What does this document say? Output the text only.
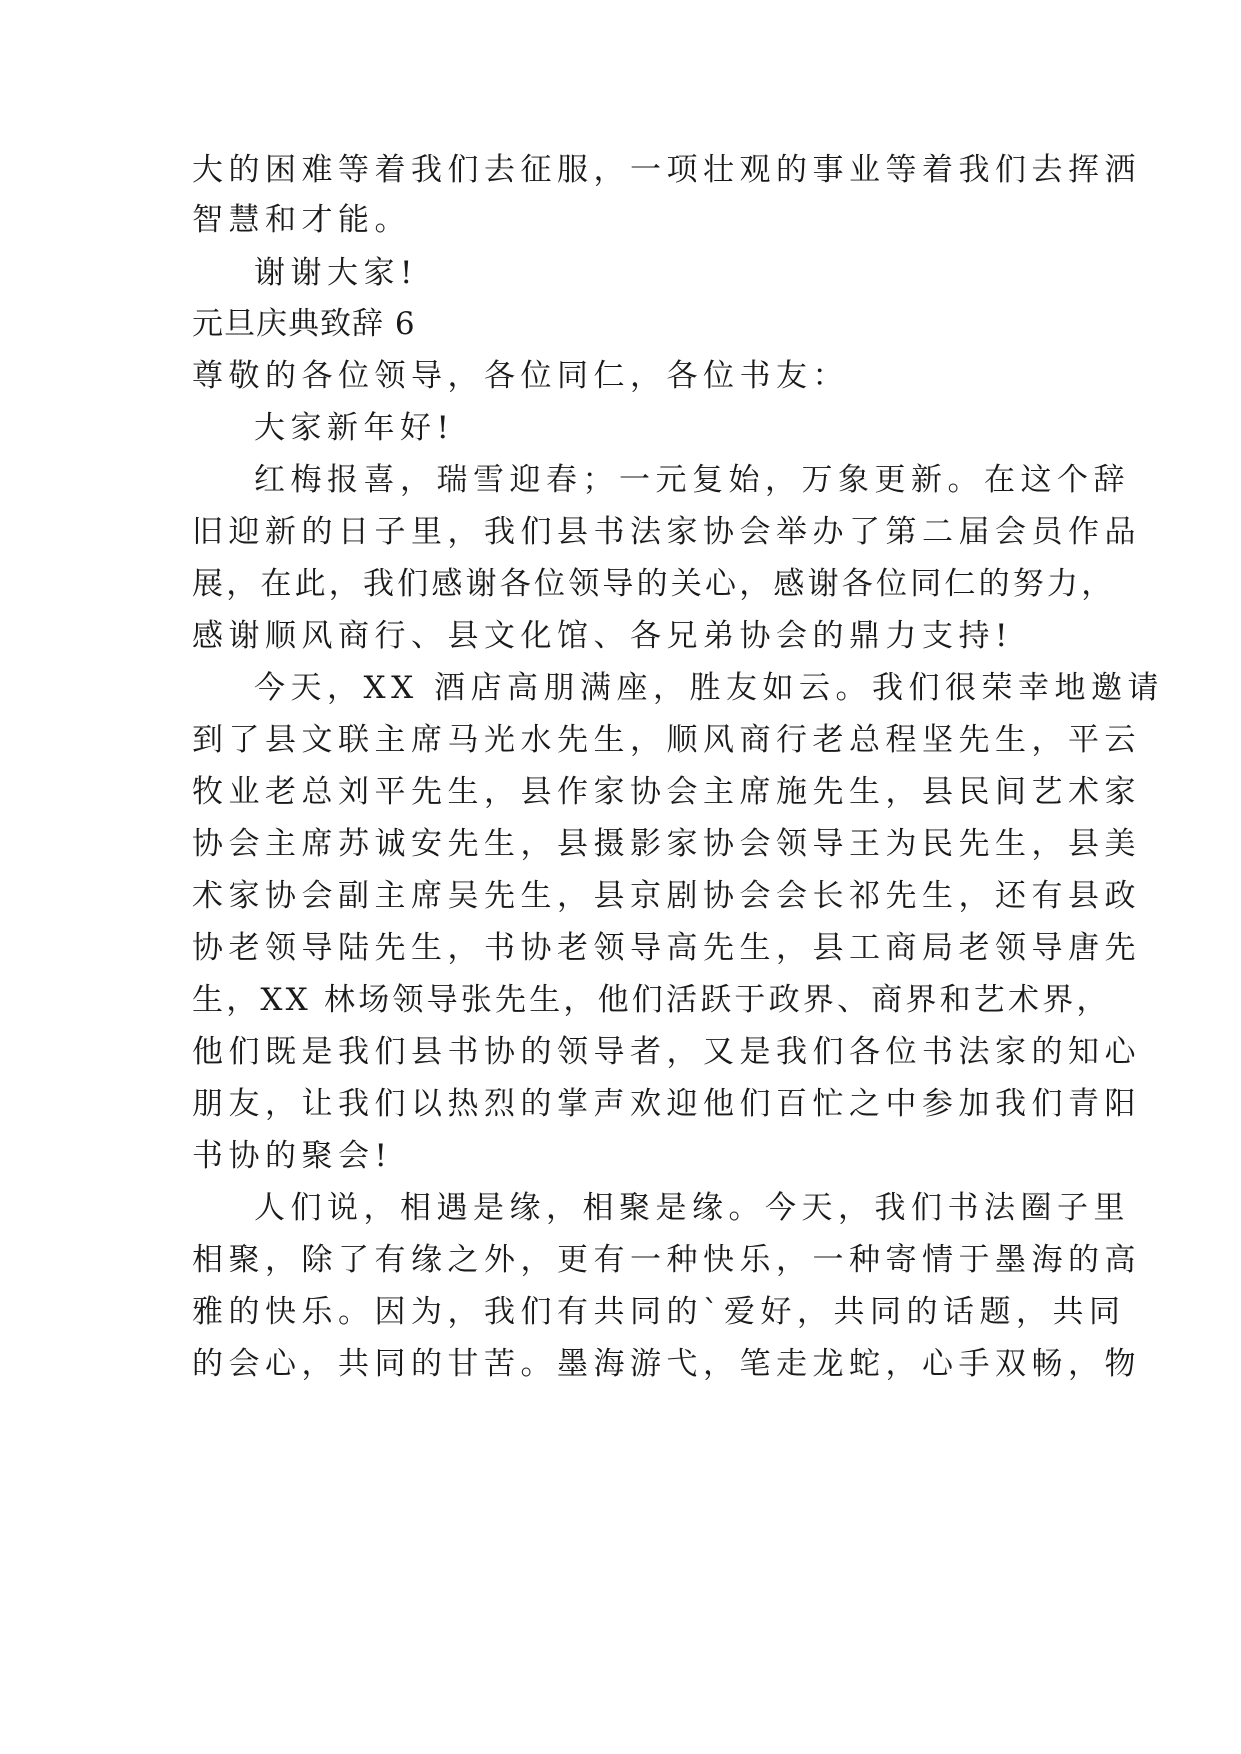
大的困难等着我们去征服，一项壮观的事业等着我们去挥洒
智慧和才能。
谢谢大家!
元旦庆典致辞 6
尊敬的各位领导，各位同仁，各位书友：
大家新年好!
红梅报喜，瑞雪迎春；一元复始，万象更新。在这个辞
旧迎新的日子里，我们县书法家协会举办了第二届会员作品
展，在此，我们感谢各位领导的关心，感谢各位同仁的努力，
感谢顺风商行、县文化馆、各兄弟协会的鼎力支持!
今天，XX 酒店高朋满座，胜友如云。我们很荣幸地邀请
到了县文联主席马光水先生，顺风商行老总程坚先生，平云
牧业老总刘平先生，县作家协会主席施先生，县民间艺术家
协会主席苏诚安先生，县摄影家协会领导王为民先生，县美
术家协会副主席吴先生，县京剧协会会长祁先生，还有县政
协老领导陆先生，书协老领导高先生，县工商局老领导唐先
生，XX 林场领导张先生，他们活跃于政界、商界和艺术界，
他们既是我们县书协的领导者，又是我们各位书法家的知心
朋友，让我们以热烈的掌声欢迎他们百忙之中参加我们青阳
书协的聚会!
人们说，相遇是缘，相聚是缘。今天，我们书法圈子里
相聚，除了有缘之外，更有一种快乐，一种寄情于墨海的高
雅的快乐。因为，我们有共同的`爱好，共同的话题，共同
的会心，共同的甘苦。墨海游弋，笔走龙蛇，心手双畅，物
